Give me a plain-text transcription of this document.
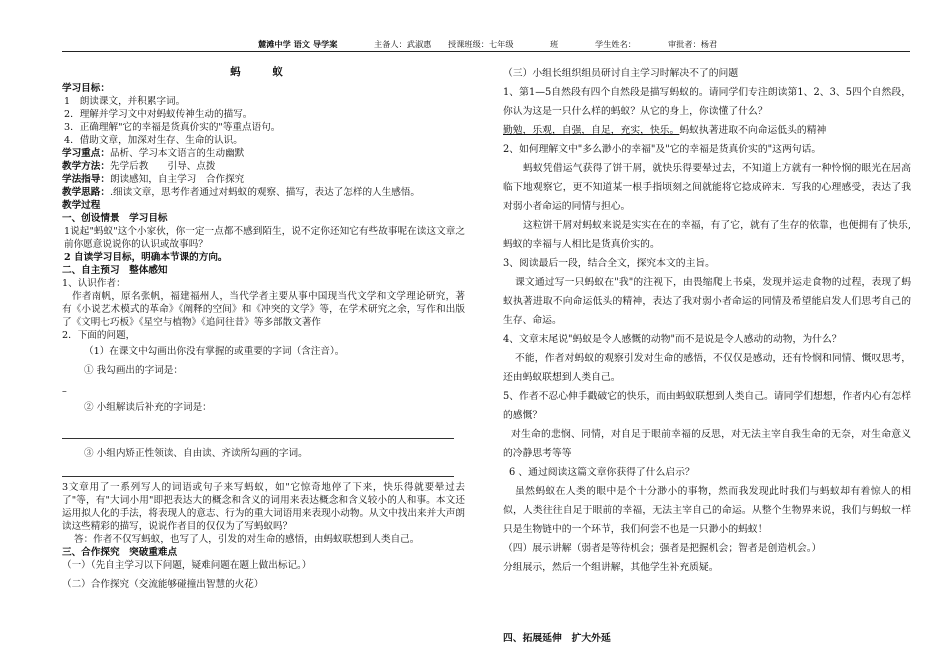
麓滩中学 语文 导学案	主备人：武淑惠 授课班级：七年级	班	学生姓名：	审批者：杨君

蚂 蚁

学习目标：

1　朗读课文，并积累字词。

2．理解并学习文中对蚂蚁传神生动的描写。

3．正确理解"它的幸福是货真价实的"等重点语句。

4．借助文章，加深对生存、生命的认识。

学习重点：品析、学习本文语言的生动幽默

教学方法：先学后教　　引导、点拨

学法指导：朗读感知，自主学习　合作探究

教学思路：.细读文章，思考作者通过对蚂蚁的观察、描写，表达了怎样的人生感悟。

教学过程

一、创设情景　学习目标

1说起"蚂蚁"这个小家伙，你一定一点都不感到陌生，说不定你还知它有些故事呢在读这文章之前你愿意说说你的认识或故事吗？

2 自读学习目标，明确本节课的方向。

二、自主预习　整体感知

1、认识作者：

作者南帆，原名张帆，福建福州人，当代学者主要从事中国现当代文学和文学理论研究，著有《小说艺术模式的革命》《阐释的空间》和《冲突的文学》等，在学术研究之余，写作和出版了《文明七巧板》《星空与植物》《追问往昔》等多部散文著作

2．下面的问题，

（1）在课文中勾画出你没有掌握的或重要的字词（含注音）。

① 我勾画出的字词是：

–

② 小组解读后补充的字词是：

③ 小组内矫正性领读、自由读、齐读所勾画的字词。

3文章用了一系列写人的词语或句子来写蚂蚁，如"它惊奇地停了下来，快乐得就要晕过去了"等，有"大词小用"即把表达大的概念和含义的词用来表达概念和含义较小的人和事。本文还运用拟人化的手法，将表现人的意志、行为的重大词语用来表现小动物。从文中找出来并大声朗读这些精彩的描写，说说作者目的仅仅为了写蚂蚁吗？

答：作者不仅写蚂蚁，也写了人，引发的对生命的感悟，由蚂蚁联想到人类自己。

三、合作探究　突破重难点

（一）（先自主学习以下问题，疑难问题在题上做出标记。）

（二）合作探究（交流能够碰撞出智慧的火花）

（三）小组长组织组员研讨自主学习时解决不了的问题

1、第1—5自然段有四个自然段是描写蚂蚁的。请同学们专注朗读第1、2、3、5四个自然段，你认为这是一只什么样的蚂蚁？从它的身上，你读懂了什么？

勤勉，乐观，自强，自足，充实，快乐。蚂蚁执著进取不向命运低头的精神

2、如何理解文中"多么渺小的幸福"及"它的幸福是货真价实的"这两句话。

蚂蚁凭借运气获得了饼干屑，就快乐得要晕过去，不知道上方就有一种怜悯的眼光在居高临下地观察它，更不知道某一根手指顷刻之间就能将它捻成碎末．写我的心理感受，表达了我对弱小者命运的同情与担心。

这粒饼干屑对蚂蚁来说是实实在在的幸福，有了它，就有了生存的依靠，也便拥有了快乐,蚂蚁的幸福与人相比是货真价实的。

3、阅读最后一段，结合全文，探究本文的主旨。

课文通过写一只蚂蚁在"我"的注视下，由畏缩爬上书桌，发现并运走食物的过程，表现了蚂蚁执著进取不向命运低头的精神，表达了我对弱小者命运的同情及希望能启发人们思考自己的生存、命运。

4、文章末尾说"蚂蚁是令人感慨的动物"而不是说是令人感动的动物，为什么？

不能，作者对蚂蚁的观察引发对生命的感悟，不仅仅是感动，还有怜悯和同情、慨叹思考，还由蚂蚁联想到人类自己。

5、作者不忍心伸手戳破它的快乐，而由蚂蚁联想到人类自己。请同学们想想，作者内心有怎样的感慨？

对生命的悲悯、同情，对自足于眼前幸福的反思，对无法主宰自我生命的无奈，对生命意义的冷静思考等等

6 、通过阅读这篇文章你获得了什么启示？

虽然蚂蚁在人类的眼中是个十分渺小的事物，然而我发现此时我们与蚂蚁却有着惊人的相似，人类往往自足于眼前的幸福，无法主宰自己的命运。从整个生物界来说，我们与蚂蚁一样只是生物链中的一个环节，我们何尝不也是一只渺小的蚂蚁！

（四）展示讲解（弱者是等待机会；强者是把握机会；智者是创造机会。）

分组展示，然后一个组讲解，其他学生补充质疑。

四、拓展延伸　扩大外延
